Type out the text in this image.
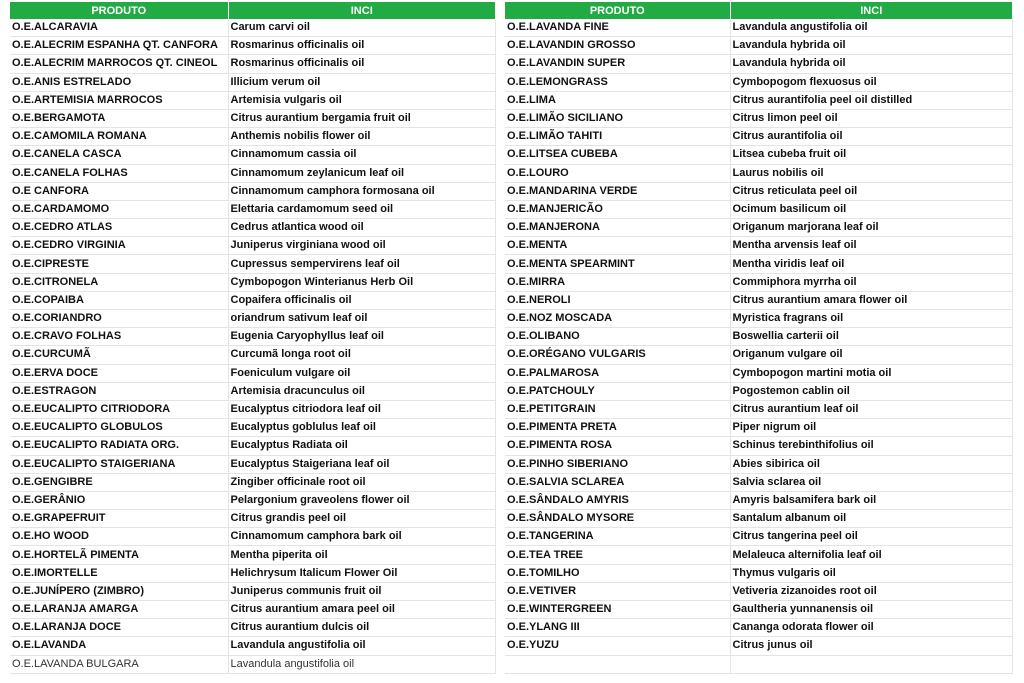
PRODUTO	INCI
O.E.ALCARAVIA	Carum carvi oil
O.E.ALECRIM ESPANHA QT. CANFORA	Rosmarinus officinalis oil
O.E.ALECRIM MARROCOS QT. CINEOL	Rosmarinus officinalis oil
O.E.ANIS ESTRELADO	Illicium verum oil
O.E.ARTEMISIA MARROCOS	Artemisia vulgaris oil
O.E.BERGAMOTA	Citrus aurantium bergamia fruit oil
O.E.CAMOMILA ROMANA	Anthemis nobilis flower oil
O.E.CANELA CASCA	Cinnamomum cassia oil
O.E.CANELA FOLHAS	Cinnamomum zeylanicum leaf oil
O.E CANFORA	Cinnamomum camphora formosana oil
O.E.CARDAMOMO	Elettaria cardamomum seed oil
O.E.CEDRO ATLAS	Cedrus atlantica wood oil
O.E.CEDRO VIRGINIA	Juniperus virginiana wood oil
O.E.CIPRESTE	Cupressus sempervirens leaf oil
O.E.CITRONELA	Cymbopogon Winterianus Herb Oil
O.E.COPAIBA	Copaifera officinalis oil
O.E.CORIANDRO	oriandrum sativum leaf oil
O.E.CRAVO FOLHAS	Eugenia Caryophyllus leaf oil
O.E.CURCUMÃ	Curcumã longa root oil
O.E.ERVA DOCE	Foeniculum vulgare oil
O.E.ESTRAGON	Artemisia dracunculus oil
O.E.EUCALIPTO CITRIODORA	Eucalyptus citriodora leaf oil
O.E.EUCALIPTO GLOBULOS	Eucalyptus goblulus leaf oil
O.E.EUCALIPTO RADIATA ORG.	Eucalyptus Radiata oil
O.E.EUCALIPTO STAIGERIANA	Eucalyptus Staigeriana leaf oil
O.E.GENGIBRE	Zingiber officinale root oil
O.E.GERÂNIO	Pelargonium graveolens flower oil
O.E.GRAPEFRUIT	Citrus grandis peel oil
O.E.HO WOOD	Cinnamomum camphora bark oil
O.E.HORTELÃ PIMENTA	Mentha piperita oil
O.E.IMORTELLE	Helichrysum Italicum Flower Oil
O.E.JUNÍPERO (ZIMBRO)	Juniperus communis fruit oil
O.E.LARANJA AMARGA	Citrus aurantium amara peel oil
O.E.LARANJA DOCE	Citrus aurantium dulcis oil
O.E.LAVANDA	Lavandula angustifolia oil
O.E.LAVANDA BULGARA	Lavandula angustifolia oil
PRODUTO	INCI
O.E.LAVANDA FINE	Lavandula angustifolia oil
O.E.LAVANDIN GROSSO	Lavandula hybrida oil
O.E.LAVANDIN SUPER	Lavandula hybrida oil
O.E.LEMONGRASS	Cymbopogom flexuosus oil
O.E.LIMA	Citrus aurantifolia peel oil distilled
O.E.LIMÃO SICILIANO	Citrus limon peel oil
O.E.LIMÃO TAHITI	Citrus aurantifolia oil
O.E.LITSEA CUBEBA	Litsea cubeba fruit oil
O.E.LOURO	Laurus nobilis oil
O.E.MANDARINA VERDE	Citrus reticulata peel oil
O.E.MANJERICÃO	Ocimum basilicum oil
O.E.MANJERONA	Origanum marjorana leaf oil
O.E.MENTA	Mentha arvensis leaf oil
O.E.MENTA SPEARMINT	Mentha viridis leaf oil
O.E.MIRRA	Commiphora myrrha oil
O.E.NEROLI	Citrus aurantium amara flower oil
O.E.NOZ MOSCADA	Myristica fragrans oil
O.E.OLIBANO	Boswellia carterii oil
O.E.ORÉGANO VULGARIS	Origanum vulgare oil
O.E.PALMAROSA	Cymbopogon martini motia oil
O.E.PATCHOULY	Pogostemon cablin oil
O.E.PETITGRAIN	Citrus aurantium leaf oil
O.E.PIMENTA PRETA	Piper nigrum oil
O.E.PIMENTA ROSA	Schinus terebinthifolius oil
O.E.PINHO SIBERIANO	Abies sibirica oil
O.E.SALVIA SCLAREA	Salvia sclarea oil
O.E.SÂNDALO AMYRIS	Amyris balsamifera bark oil
O.E.SÂNDALO MYSORE	Santalum albanum oil
O.E.TANGERINA	Citrus tangerina peel oil
O.E.TEA TREE	Melaleuca alternifolia leaf oil
O.E.TOMILHO	Thymus vulgaris oil
O.E.VETIVER	Vetiveria zizanoides root oil
O.E.WINTERGREEN	Gaultheria yunnanensis oil
O.E.YLANG III	Cananga odorata flower oil
O.E.YUZU	Citrus junus oil
